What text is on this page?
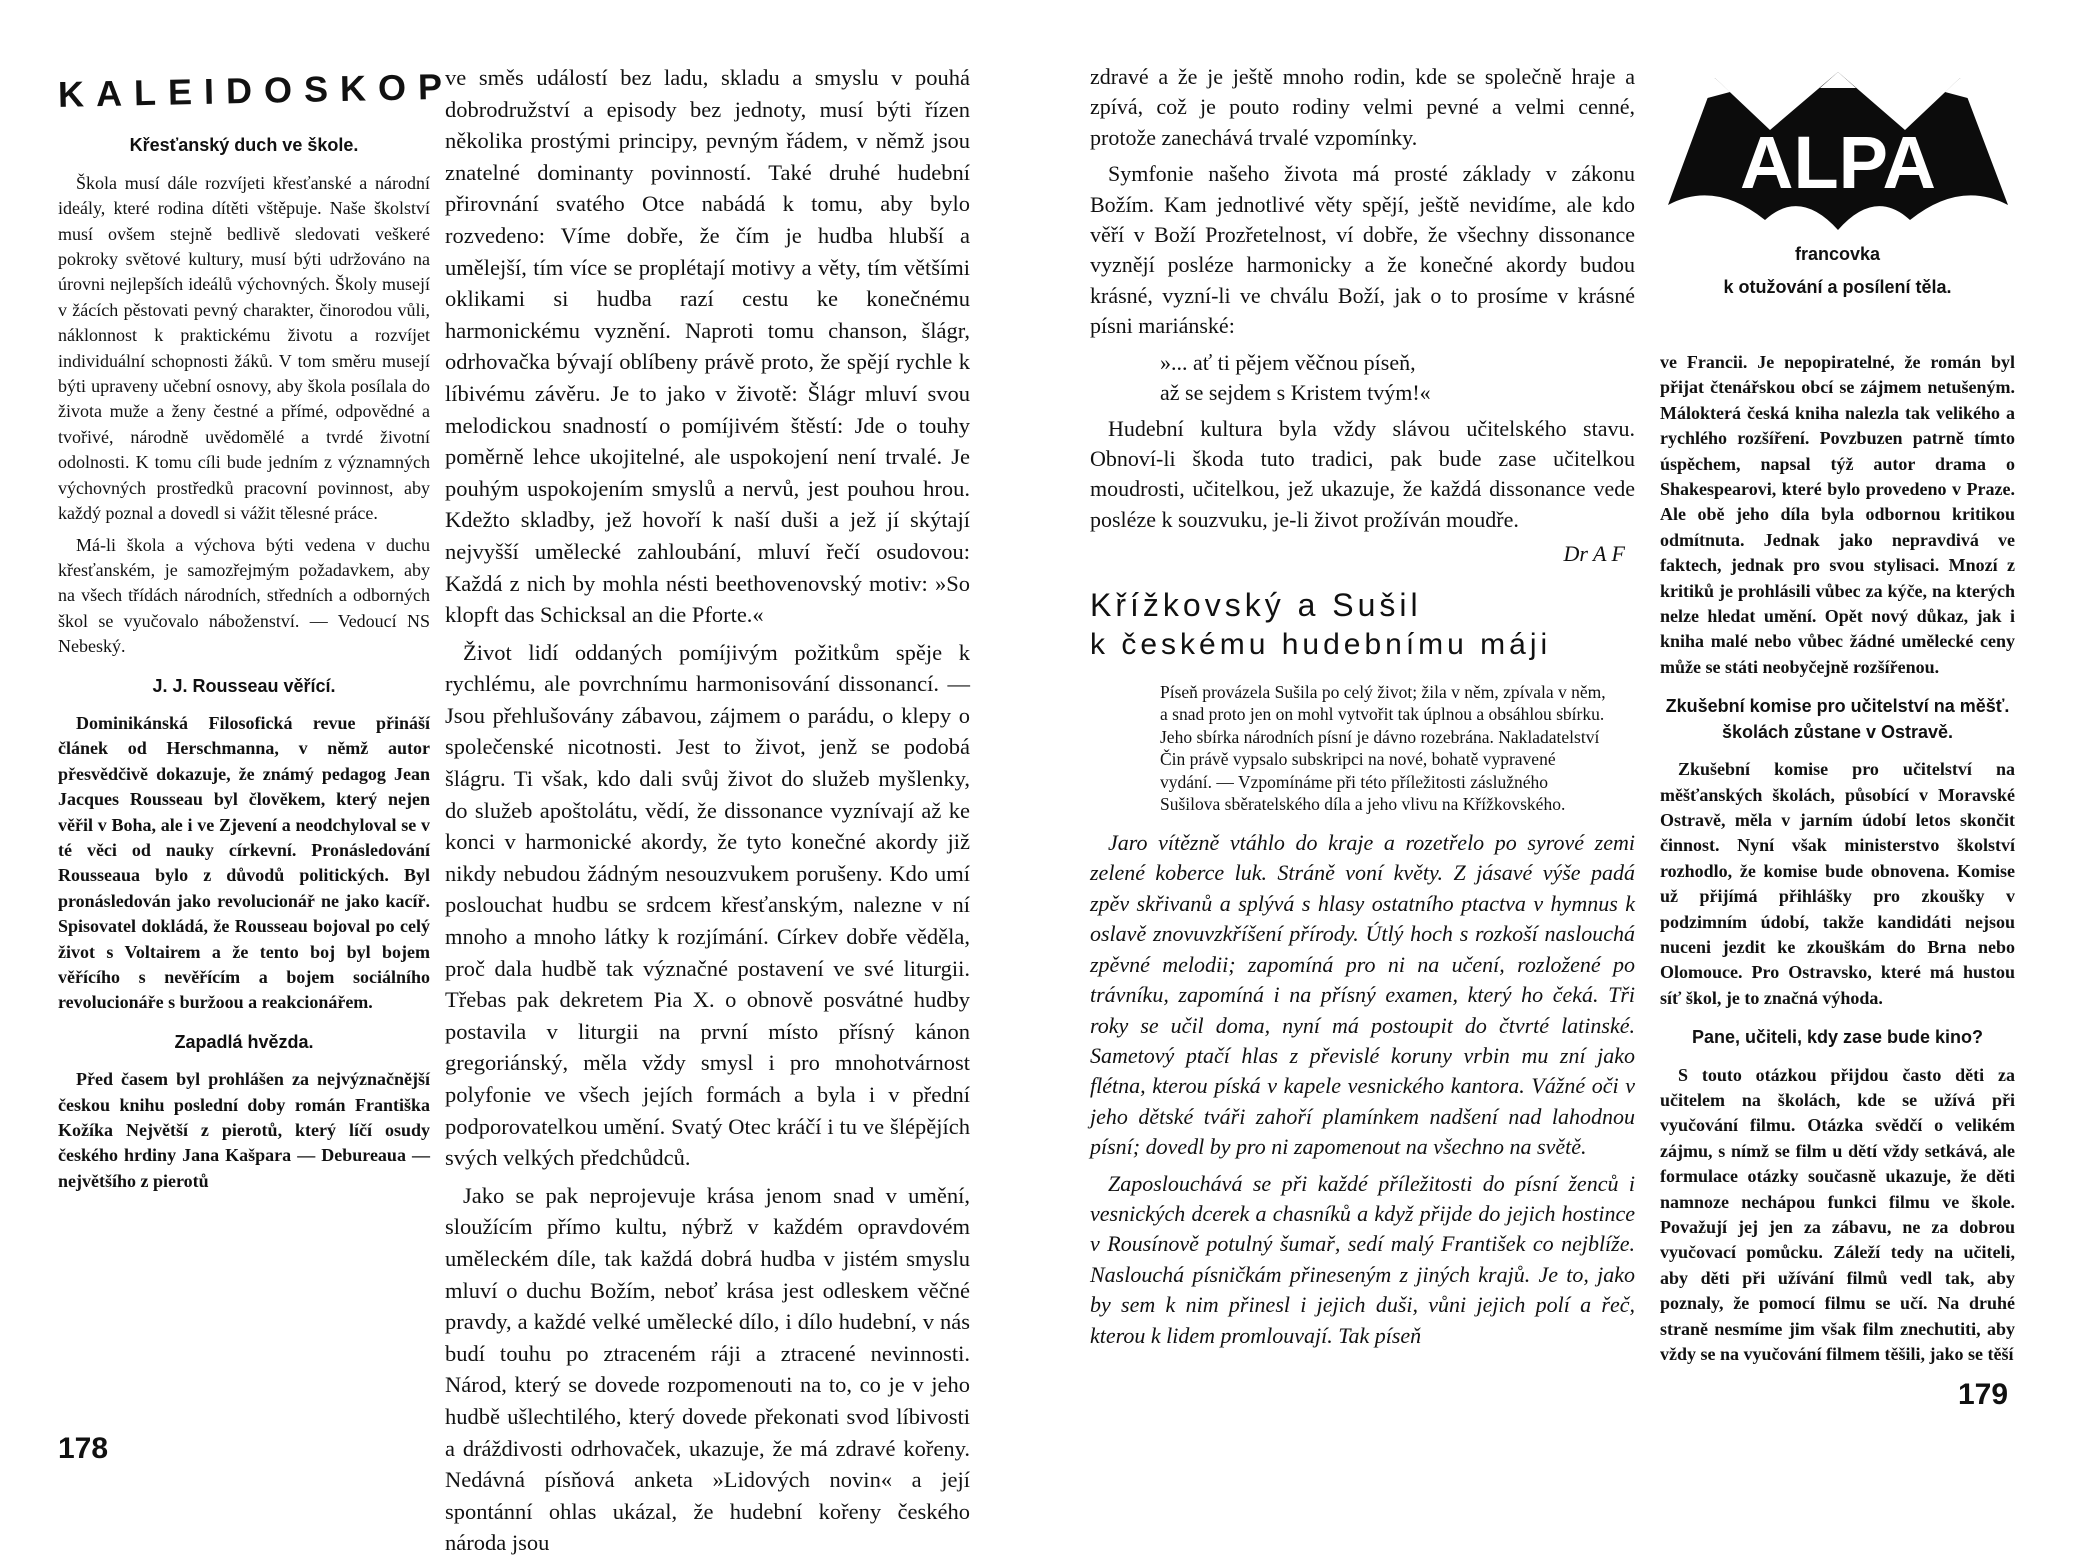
KALEIDOSKOP
Křesťanský duch ve škole.

Škola musí dále rozvíjeti křesťanské a národní ideály, které rodina dítěti vštěpuje. Naše školství musí ovšem stejně bedlivě sledovati veškeré pokroky světové kultury, musí býti udržováno na úrovni nejlepších ideálů výchovných. Školy musejí v žácích pěstovati pevný charakter, činorodou vůli, náklonnost k praktickému životu a rozvíjet individuální schopnosti žáků. V tom směru musejí býti upraveny učební osnovy, aby škola posílala do života muže a ženy čestné a přímé, odpovědné a tvořivé, národně uvědomělé a tvrdé životní odolnosti. K tomu cíli bude jedním z významných výchovných prostředků pracovní povinnost, aby každý poznal a dovedl si vážit tělesné práce.

Má-li škola a výchova býti vedena v duchu křesťanském, je samozřejmým požadavkem, aby na všech třídách národních, středních a odborných škol se vyučovalo náboženství. — Vedoucí NS Nebeský.

J. J. Rousseau věřící.

Dominikánská Filosofická revue přináší článek od Herschmanna, v němž autor přesvědčivě dokazuje, že známý pedagog Jean Jacques Rousseau byl člověkem, který nejen věřil v Boha, ale i ve Zjevení a neodchyloval se v té věci od nauky církevní. Pronásledování Rousseaua bylo z důvodů politických. Byl pronásledován jako revolucionář ne jako kacíř. Spisovatel dokládá, že Rousseau bojoval po celý život s Voltairem a že tento boj byl bojem věřícího s nevěřícím a bojem sociálního revolucionáře s buržoou a reakcionářem.

Zapadlá hvězda.

Před časem byl prohlášen za nejvýznačnější českou knihu poslední doby román Františka Kožíka Největší z pierotů, který líčí osudy českého hrdiny Jana Kašpara — Debureaua — největšího z pierotů

ve směs událostí bez ladu, skladu a smyslu v pouhá dobrodružství a episody bez jednoty, musí býti řízen několika prostými principy, pevným řádem, v němž jsou znatelné dominanty povinností. Také druhé hudební přirovnání svatého Otce nabádá k tomu, aby bylo rozvedeno: Víme dobře, že čím je hudba hlubší a umělejší, tím více se proplétají motivy a věty, tím většími oklikami si hudba razí cestu ke konečnému harmonickému vyznění. Naproti tomu chanson, šlágr, odrhovačka bývají oblíbeny právě proto, že spějí rychle k líbivému závěru. Je to jako v životě: Šlágr mluví svou melodickou snadností o pomíjivém štěstí: Jde o touhy poměrně lehce ukojitelné, ale uspokojení není trvalé. Je pouhým uspokojením smyslů a nervů, jest pouhou hrou. Kdežto skladby, jež hovoří k naší duši a jež jí skýtají nejvyšší umělecké zahloubání, mluví řečí osudovou: Každá z nich by mohla nésti beethovenovský motiv: »So klopft das Schicksal an die Pforte.«

Život lidí oddaných pomíjivým požitkům spěje k rychlému, ale povrchnímu harmonisování dissonancí. — Jsou přehlušovány zábavou, zájmem o parádu, o klepy o společenské nicotnosti. Jest to život, jenž se podobá šlágru. Ti však, kdo dali svůj život do služeb myšlenky, do služeb apoštolátu, vědí, že dissonance vyznívají až ke konci v harmonické akordy, že tyto konečné akordy již nikdy nebudou žádným nesouzvukem porušeny. Kdo umí poslouchat hudbu se srdcem křesťanským, nalezne v ní mnoho a mnoho látky k rozjímání. Církev dobře věděla, proč dala hudbě tak význačné postavení ve své liturgii. Třebas pak dekretem Pia X. o obnově posvátné hudby postavila v liturgii na první místo přísný kánon gregoriánský, měla vždy smysl i pro mnohotvárnost polyfonie ve všech jejích formách a byla i v přední podporovatelkou umění. Svatý Otec kráčí i tu ve šlépějích svých velkých předchůdců.

Jako se pak neprojevuje krása jenom snad v umění, sloužícím přímo kultu, nýbrž v každém opravdovém uměleckém díle, tak každá dobrá hudba v jistém smyslu mluví o duchu Božím, neboť krása jest odleskem věčné pravdy, a každé velké umělecké dílo, i dílo hudební, v nás budí touhu po ztraceném ráji a ztracené nevinnosti. Národ, který se dovede rozpomenouti na to, co je v jeho hudbě ušlechtilého, který dovede překonati svod líbivosti a dráždivosti odrhovaček, ukazuje, že má zdravé kořeny. Nedávná písňová anketa »Lidových novin« a její spontánní ohlas ukázal, že hudební kořeny českého národa jsou

178

zdravé a že je ještě mnoho rodin, kde se společně hraje a zpívá, což je pouto rodiny velmi pevné a velmi cenné, protože zanechává trvalé vzpomínky.

Symfonie našeho života má prosté základy v zákonu Božím. Kam jednotlivé věty spějí, ještě nevidíme, ale kdo věří v Boží Prozřetelnost, ví dobře, že všechny dissonance vyznějí posléze harmonicky a že konečné akordy budou krásné, vyzní-li ve chválu Boží, jak o to prosíme v krásné písni mariánské:

»... ať ti pějem věčnou píseň,
až se sejdem s Kristem tvým!«

Hudební kultura byla vždy slávou učitelského stavu. Obnoví-li škoda tuto tradici, pak bude zase učitelkou moudrosti, učitelkou, jež ukazuje, že každá dissonance vede posléze k souzvuku, je-li život prožíván moudře.

Dr A F
Křížkovský a Sušil
k českému hudebnímu máji
Píseň provázela Sušila po celý život; žila v něm, zpívala v něm, a snad proto jen on mohl vytvořit tak úplnou a obsáhlou sbírku. Jeho sbírka národních písní je dávno rozebrána. Nakladatelství Čin právě vypsalo subskripci na nové, bohatě vypravené vydání. — Vzpomínáme při této příležitosti záslužného Sušilova sběratelského díla a jeho vlivu na Křížkovského.

Jaro vítězně vtáhlo do kraje a rozetřelo po syrové zemi zelené koberce luk. Stráně voní květy. Z jásavé výše padá zpěv skřivanů a splývá s hlasy ostatního ptactva v hymnus k oslavě znovuvzkříšení přírody. Útlý hoch s rozkoší naslouchá zpěvné melodii; zapomíná pro ni na učení, rozložené po trávníku, zapomíná i na přísný examen, který ho čeká. Tři roky se učil doma, nyní má postoupit do čtvrté latinské. Sametový ptačí hlas z převislé koruny vrbin mu zní jako flétna, kterou píská v kapele vesnického kantora. Vážné oči v jeho dětské tváři zahoří plamínkem nadšení nad lahodnou písní; dovedl by pro ni zapomenout na všechno na světě.

Zaposlouchává se při každé příležitosti do písní ženců i vesnických dcerek a chasníků a když přijde do jejich hostince v Rousínově potulný šumař, sedí malý František co nejblíže. Naslouchá písničkám přineseným z jiných krajů. Je to, jako by sem k nim přinesl i jejich duši, vůni jejich polí a řeč, kterou k lidem promlouvají. Tak píseň

ALPA
francovka
k otužování a posílení těla.

ve Francii. Je nepopiratelné, že román byl přijat čtenářskou obcí se zájmem netušeným. Málokterá česká kniha nalezla tak velikého a rychlého rozšíření. Povzbuzen patrně tímto úspěchem, napsal týž autor drama o Shakespearovi, které bylo provedeno v Praze. Ale obě jeho díla byla odbornou kritikou odmítnuta. Jednak jako nepravdivá ve faktech, jednak pro svou stylisaci. Mnozí z kritiků je prohlásili vůbec za kýče, na kterých nelze hledat umění. Opět nový důkaz, jak i kniha malé nebo vůbec žádné umělecké ceny může se státi neobyčejně rozšířenou.

Zkušební komise pro učitelství na měšť. školách zůstane v Ostravě.

Zkušební komise pro učitelství na měšťanských školách, působící v Moravské Ostravě, měla v jarním údobí letos skončit činnost. Nyní však ministerstvo školství rozhodlo, že komise bude obnovena. Komise už přijímá přihlášky pro zkoušky v podzimním údobí, takže kandidáti nejsou nuceni jezdit ke zkouškám do Brna nebo Olomouce. Pro Ostravsko, které má hustou síť škol, je to značná výhoda.

Pane, učiteli, kdy zase bude kino?

S touto otázkou přijdou často děti za učitelem na školách, kde se užívá při vyučování filmu. Otázka svědčí o velikém zájmu, s nímž se film u dětí vždy setkává, ale formulace otázky současně ukazuje, že děti namnoze nechápou funkci filmu ve škole. Považují jej jen za zábavu, ne za dobrou vyučovací pomůcku. Záleží tedy na učiteli, aby děti při užívání filmů vedl tak, aby poznaly, že pomocí filmu se učí. Na druhé straně nesmíme jim však film znechutiti, aby vždy se na vyučování filmem těšili, jako se těší

179
